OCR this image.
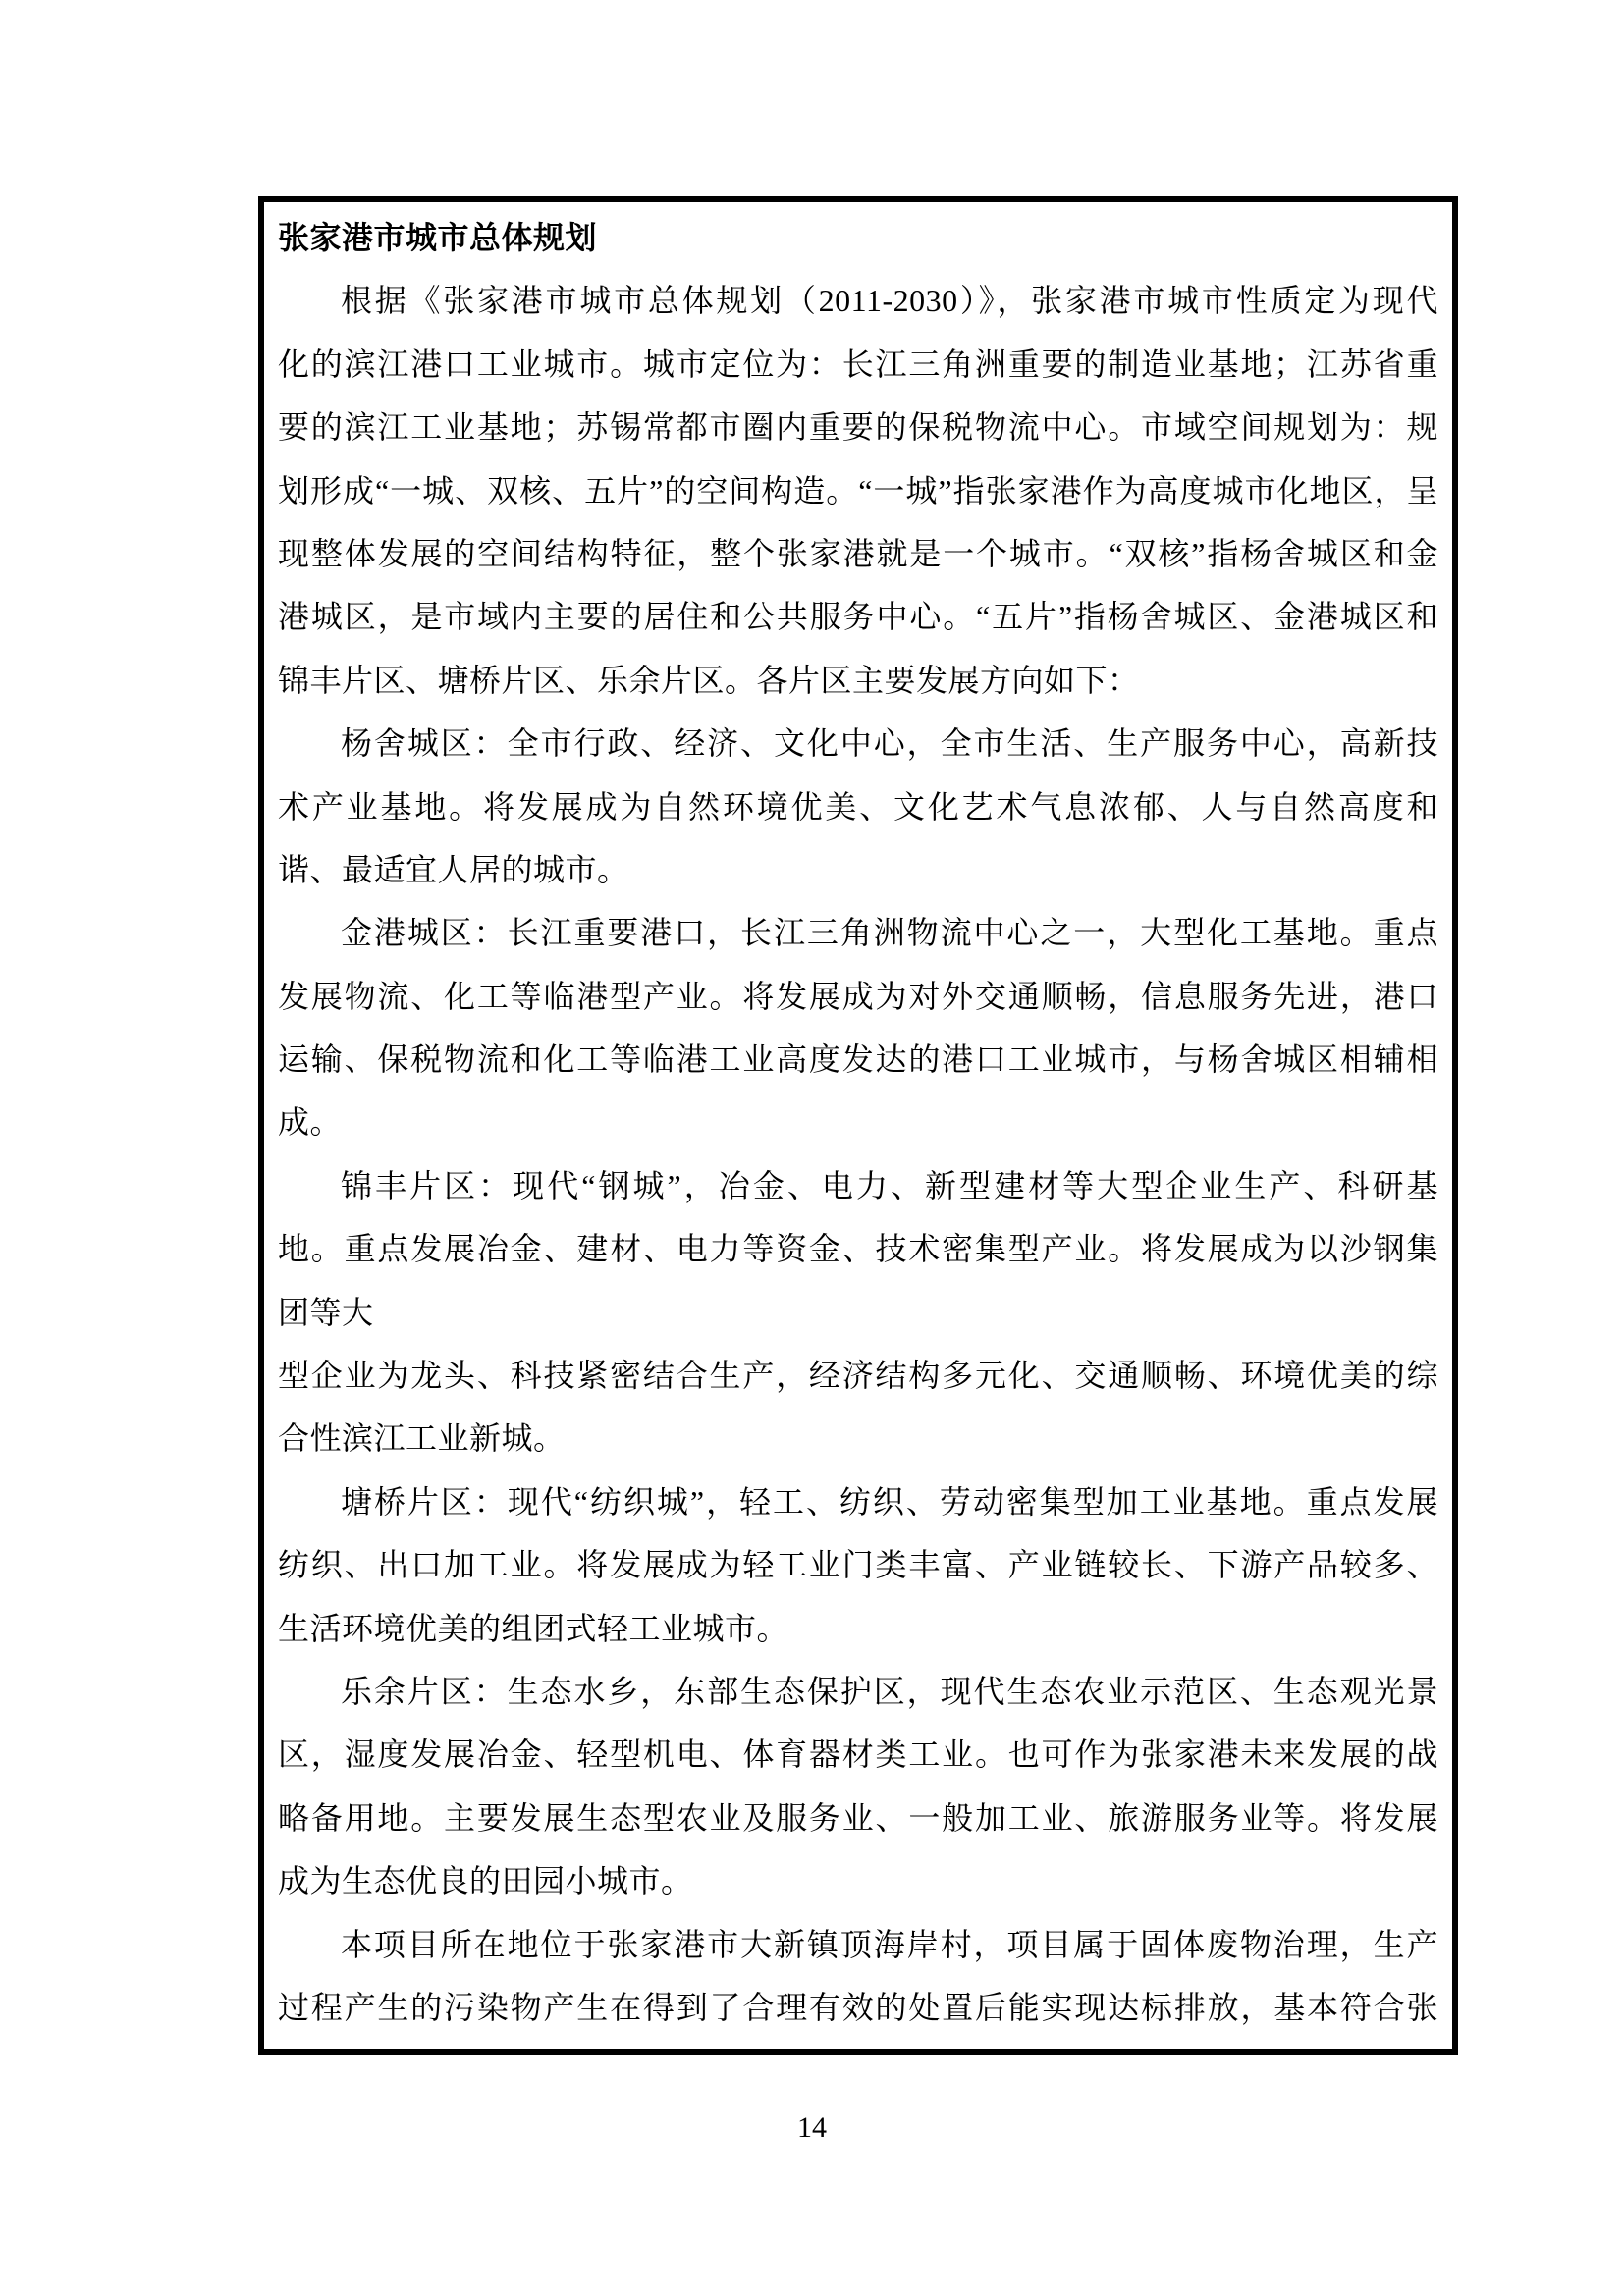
张家港市城市总体规划
根据《张家港市城市总体规划（2011-2030）》，张家港市城市性质定为现代
化的滨江港口工业城市。城市定位为：长江三角洲重要的制造业基地；江苏省重
要的滨江工业基地；苏锡常都市圈内重要的保税物流中心。市域空间规划为：规
划形成“一城、双核、五片”的空间构造。“一城”指张家港作为高度城市化地区，呈
现整体发展的空间结构特征，整个张家港就是一个城市。“双核”指杨舍城区和金
港城区，是市域内主要的居住和公共服务中心。“五片”指杨舍城区、金港城区和
锦丰片区、塘桥片区、乐余片区。各片区主要发展方向如下：
杨舍城区：全市行政、经济、文化中心，全市生活、生产服务中心，高新技
术产业基地。将发展成为自然环境优美、文化艺术气息浓郁、人与自然高度和
谐、最适宜人居的城市。
金港城区：长江重要港口，长江三角洲物流中心之一，大型化工基地。重点
发展物流、化工等临港型产业。将发展成为对外交通顺畅，信息服务先进，港口
运输、保税物流和化工等临港工业高度发达的港口工业城市，与杨舍城区相辅相
成。
锦丰片区：现代“钢城”，冶金、电力、新型建材等大型企业生产、科研基
地。重点发展冶金、建材、电力等资金、技术密集型产业。将发展成为以沙钢集
团等大
型企业为龙头、科技紧密结合生产，经济结构多元化、交通顺畅、环境优美的综
合性滨江工业新城。
塘桥片区：现代“纺织城”，轻工、纺织、劳动密集型加工业基地。重点发展
纺织、出口加工业。将发展成为轻工业门类丰富、产业链较长、下游产品较多、
生活环境优美的组团式轻工业城市。
乐余片区：生态水乡，东部生态保护区，现代生态农业示范区、生态观光景
区，湿度发展冶金、轻型机电、体育器材类工业。也可作为张家港未来发展的战
略备用地。主要发展生态型农业及服务业、一般加工业、旅游服务业等。将发展
成为生态优良的田园小城市。
本项目所在地位于张家港市大新镇顶海岸村，项目属于固体废物治理，生产
过程产生的污染物产生在得到了合理有效的处置后能实现达标排放，基本符合张
14
